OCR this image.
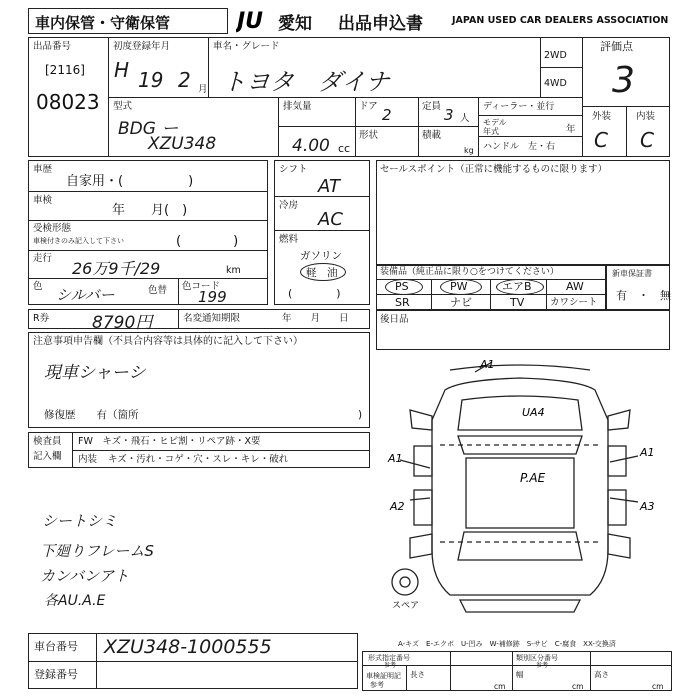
車内保管・守衛保管	JU 愛知 出品申込書	JAPAN USED CAR DEALERS ASSOCIATION
出品番号
[2116]
08023
初度登録年月
H 19 2 月
車名・グレード
トヨタ　ダイナ
2WD
4WD
評価点
3
型式
BDG ー
XZU348
排気量
4.00 cc
ドア 2	定員 3 人
形状	積載
kg
ディーラー・並行
モデル
年式	年
ハンドル　左・右
外装	内装
C C
車歴
自家用・(　　　　　)
車検
年　　月(　)
受検形態
車検付きのみ記入して下さい	(　　　　)
走行
26万9千/29	km
色 シルバー	色替 色コード
199
シフト
AT
冷房
AC
燃料
ガソリン
軽　油
(　　　　)
セールスポイント（正常に機能するものに限ります）
装備品（純正品に限り○をつけてください）
PS	PW	エアB	AW
SR	ナビ	TV	カワシート
新車保証書
有　・　無
R券	8790円	名変通知期限	年　　月　　日	後日品
注意事項申告欄（不具合内容等は具体的に記入して下さい）
現車シャーシ
修復歴　　有（箇所	)
検査員
記入欄
FW　キズ・飛石・ヒビ割・リペア跡・X要
内装 キズ・汚れ・コゲ・穴・スレ・キレ・破れ
シートシミ
下廻りフレームS
カンバンアト
各AU.A.E
A1
UA4
A1
P.AE
A1
A2	A3
スペア
A-キズ　E-エクボ　U-凹み　W-補修跡　S-サビ　C-腐食　XX-交換済
車台番号 XZU348-1000555
登録番号
形式指定番号
参考
類別区分番号
参考
車検証明記
参考
長さ
cm
幅
cm
高さ
cm
